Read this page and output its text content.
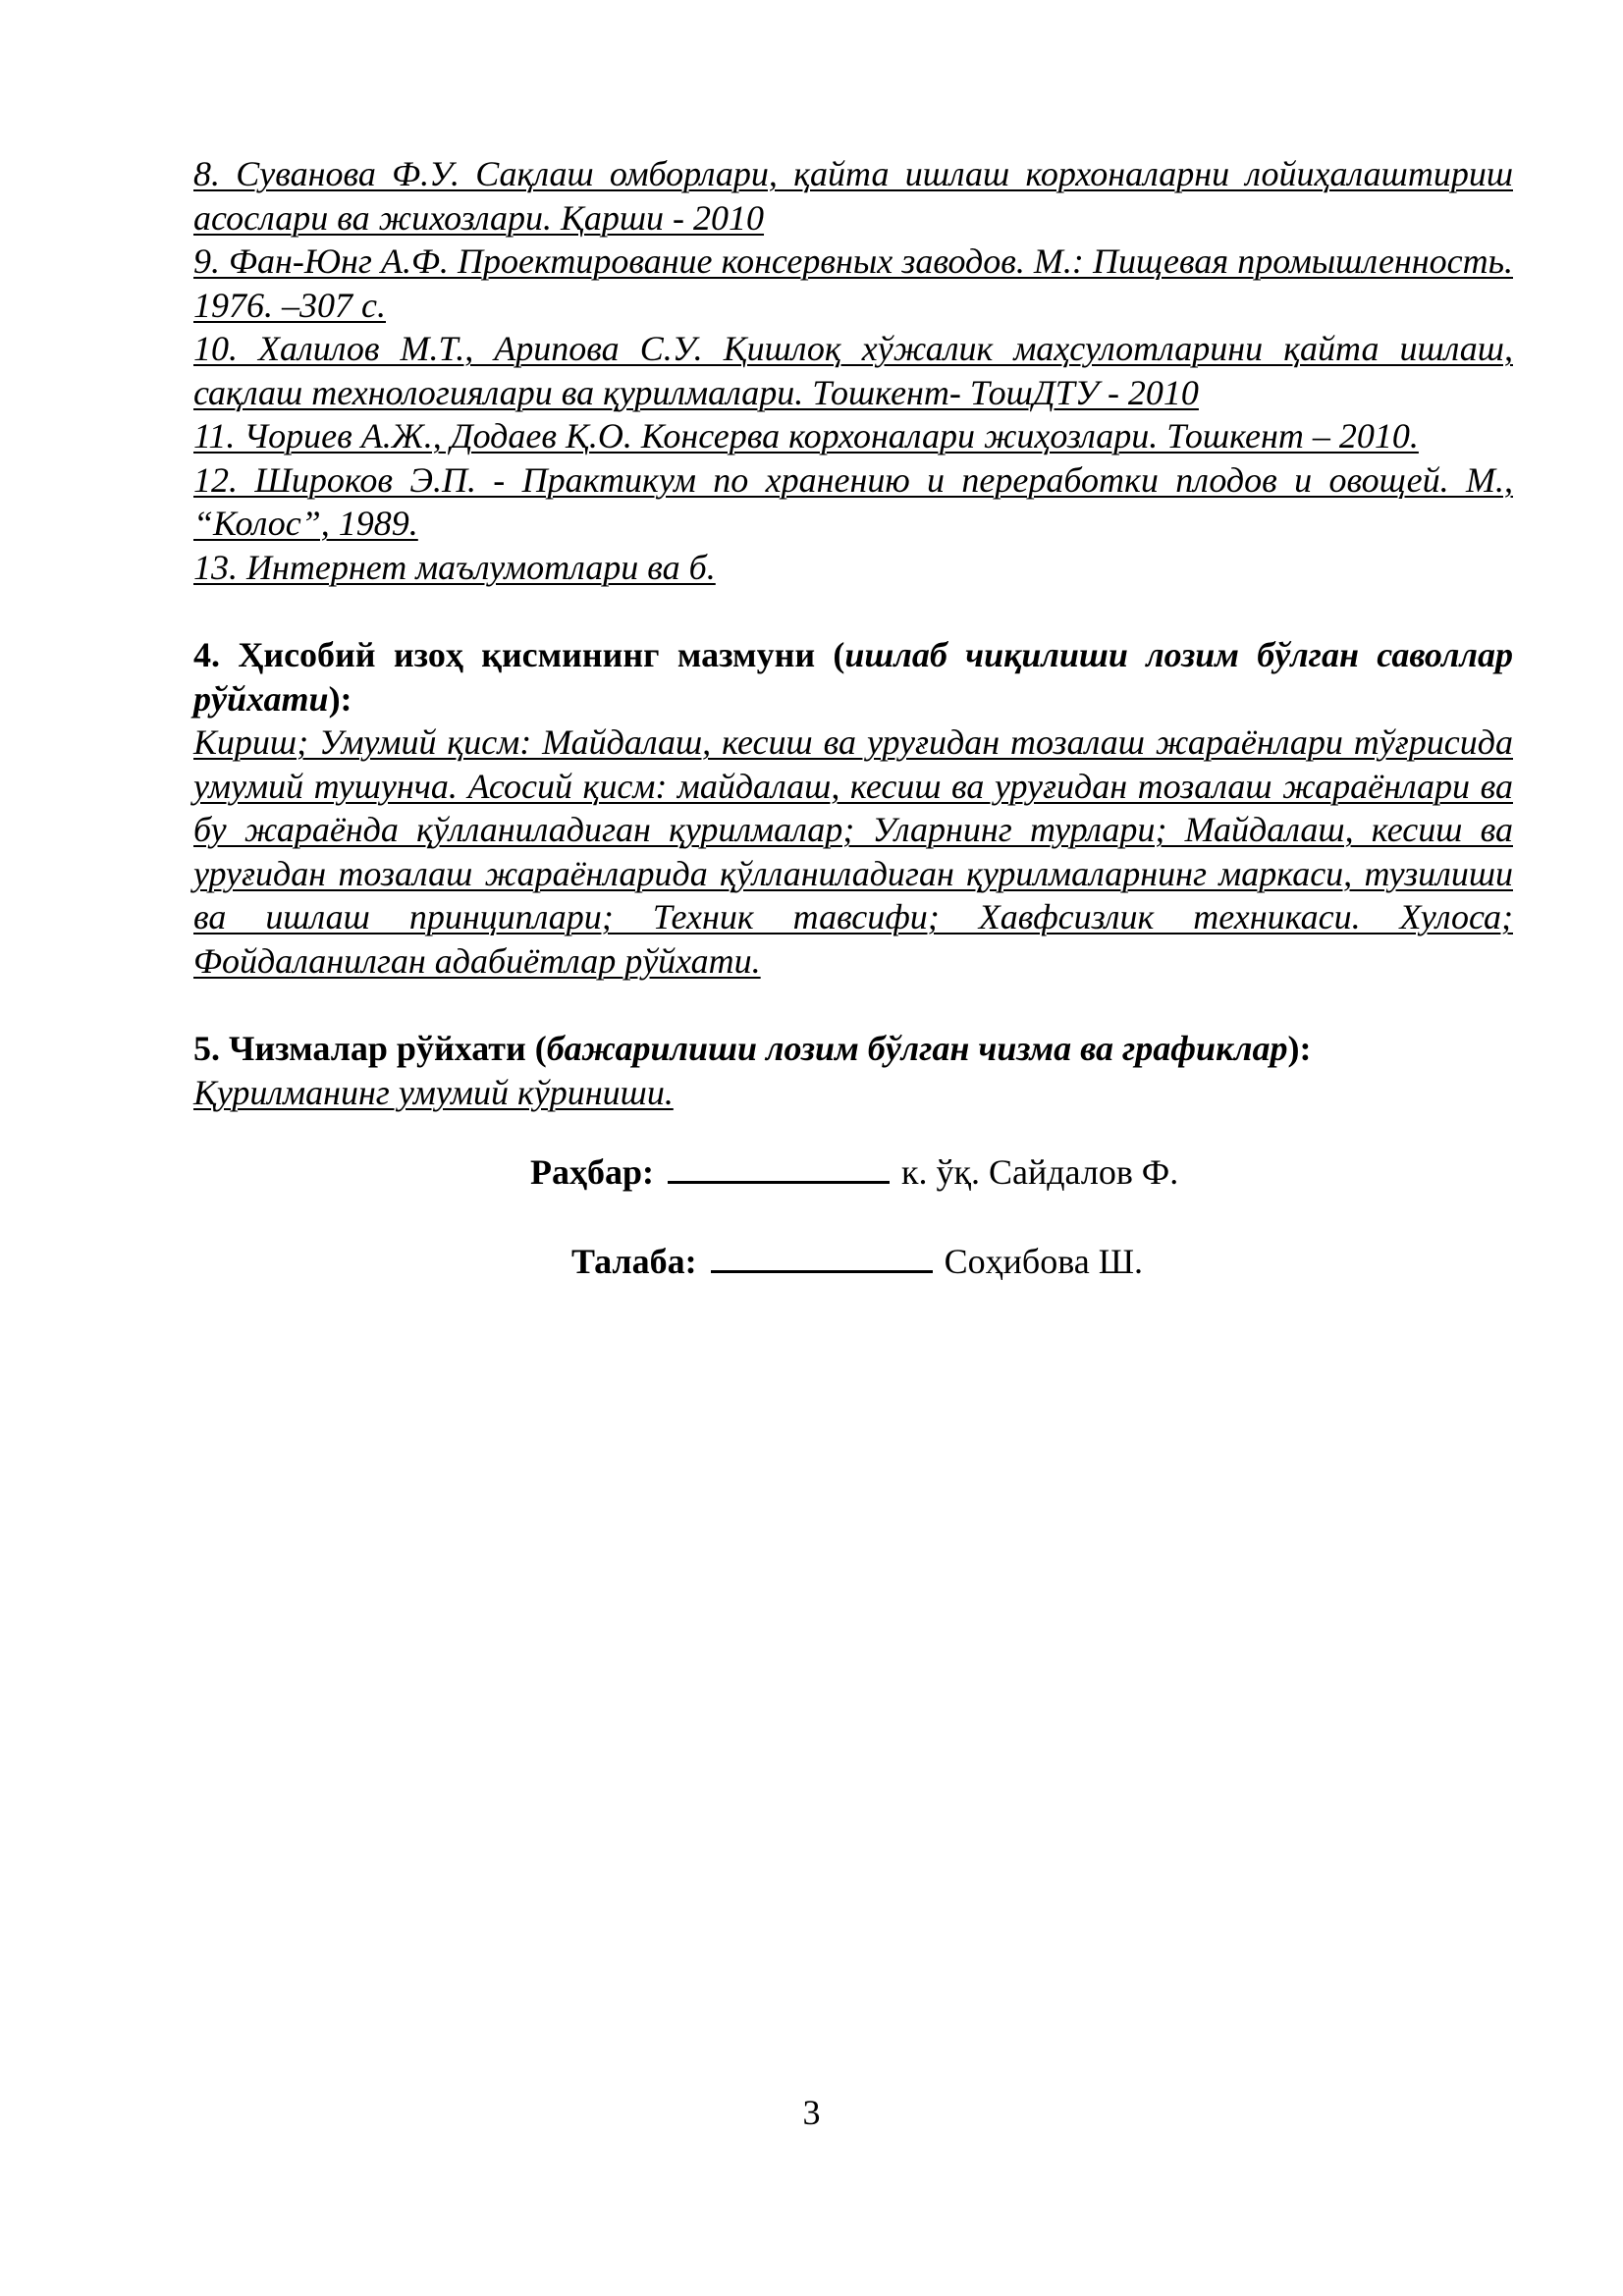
8. Суванова Ф.У. Сақлаш омборлари, қайта ишлаш корхоналарни лойиҳалаштириш асослари ва жихозлари. Қарши - 2010

9. Фан-Юнг А.Ф. Проектирование консервных заводов. М.: Пищевая промышленность. 1976. –307 с.

10. Халилов М.Т., Арипова С.У. Қишлоқ хўжалик маҳсулотларини қайта ишлаш, сақлаш технологиялари ва қурилмалари. Тошкент- ТошДТУ - 2010

11. Чориев А.Ж., Додаев Қ.О. Консерва корхоналари жиҳозлари. Тошкент – 2010.

12. Широков Э.П. - Практикум по хранению и переработки плодов и овощей. М., “Колос”, 1989.

13. Интернет маълумотлари ва б.

4. Ҳисобий изоҳ қисмининг мазмуни (ишлаб чиқилиши лозим бўлган саволлар рўйхати):

Кириш; Умумий қисм: Майдалаш, кесиш ва уруғидан тозалаш жараёнлари тўғрисида умумий тушунча. Асосий қисм: майдалаш, кесиш ва уруғидан тозалаш жараёнлари ва бу жараёнда қўлланиладиган қурилмалар; Уларнинг турлари; Майдалаш, кесиш ва уруғидан тозалаш жараёнларида қўлланиладиган қурилмаларнинг маркаси, тузилиши ва ишлаш принциплари; Техник тавсифи; Хавфсизлик техникаси. Хулоса; Фойдаланилган адабиётлар рўйхати.

5. Чизмалар рўйхати (бажарилиши лозим бўлган чизма ва графиклар):

Қурилманинг умумий кўриниши.

Раҳбар:	к. ўқ. Сайдалов Ф.
Талаба:	Соҳибова Ш.
3
